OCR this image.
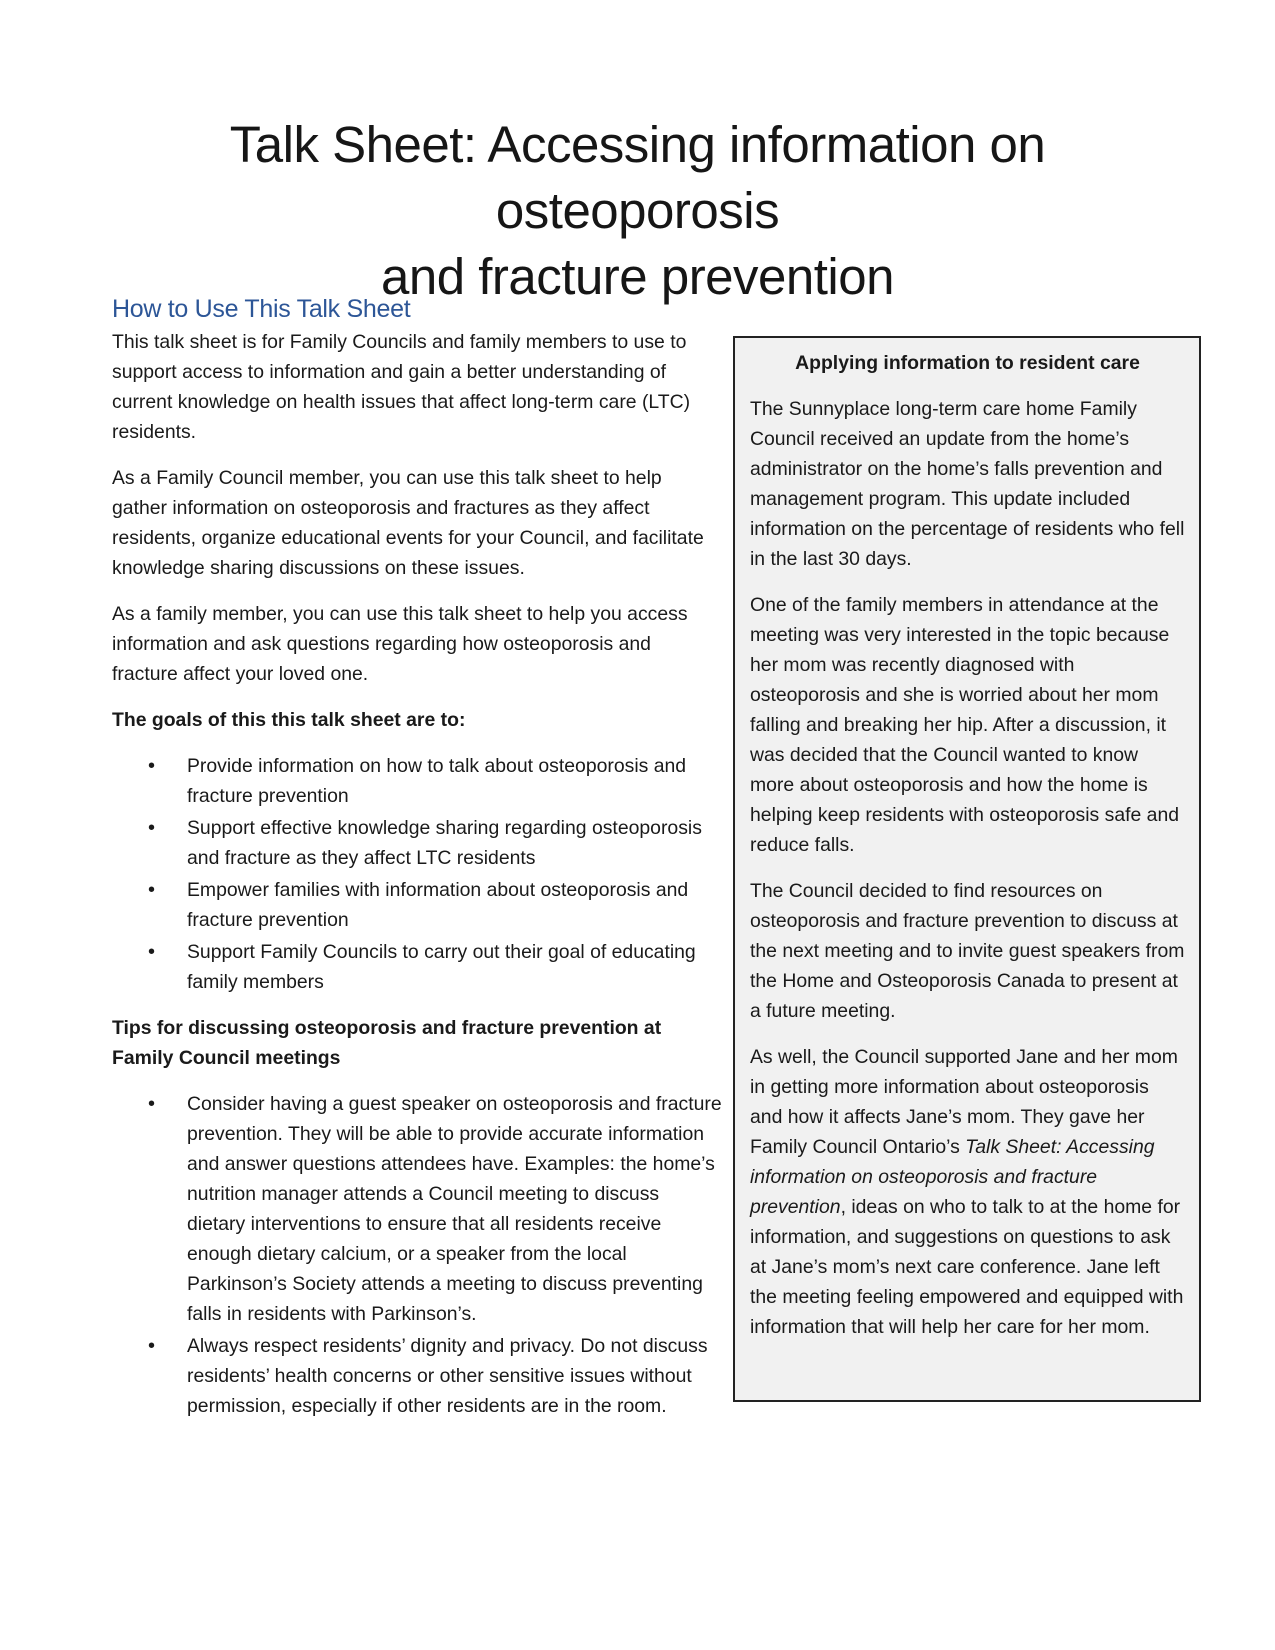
Talk Sheet: Accessing information on osteoporosis
and fracture prevention
How to Use This Talk Sheet

This talk sheet is for Family Councils and family members to use to support access to information and gain a better understanding of current knowledge on health issues that affect long-term care (LTC) residents.

As a Family Council member, you can use this talk sheet to help gather information on osteoporosis and fractures as they affect residents, organize educational events for your Council, and facilitate knowledge sharing discussions on these issues.

As a family member, you can use this talk sheet to help you access information and ask questions regarding how osteoporosis and fracture affect your loved one.

The goals of this this talk sheet are to:

• Provide information on how to talk about osteoporosis and fracture prevention
• Support effective knowledge sharing regarding osteoporosis and fracture as they affect LTC residents
• Empower families with information about osteoporosis and fracture prevention
• Support Family Councils to carry out their goal of educating family members

Tips for discussing osteoporosis and fracture prevention at Family Council meetings

• Consider having a guest speaker on osteoporosis and fracture prevention. They will be able to provide accurate information and answer questions attendees have. Examples: the home’s nutrition manager attends a Council meeting to discuss dietary interventions to ensure that all residents receive enough dietary calcium, or a speaker from the local Parkinson’s Society attends a meeting to discuss preventing falls in residents with Parkinson’s.
• Always respect residents’ dignity and privacy. Do not discuss residents’ health concerns or other sensitive issues without permission, especially if other residents are in the room.

Applying information to resident care

The Sunnyplace long-term care home Family Council received an update from the home’s administrator on the home’s falls prevention and management program. This update included information on the percentage of residents who fell in the last 30 days.

One of the family members in attendance at the meeting was very interested in the topic because her mom was recently diagnosed with osteoporosis and she is worried about her mom falling and breaking her hip. After a discussion, it was decided that the Council wanted to know more about osteoporosis and how the home is helping keep residents with osteoporosis safe and reduce falls.

The Council decided to find resources on osteoporosis and fracture prevention to discuss at the next meeting and to invite guest speakers from the Home and Osteoporosis Canada to present at a future meeting.

As well, the Council supported Jane and her mom in getting more information about osteoporosis and how it affects Jane’s mom. They gave her Family Council Ontario’s Talk Sheet: Accessing information on osteoporosis and fracture prevention, ideas on who to talk to at the home for information, and suggestions on questions to ask at Jane’s mom’s next care conference. Jane left the meeting feeling empowered and equipped with information that will help her care for her mom.
